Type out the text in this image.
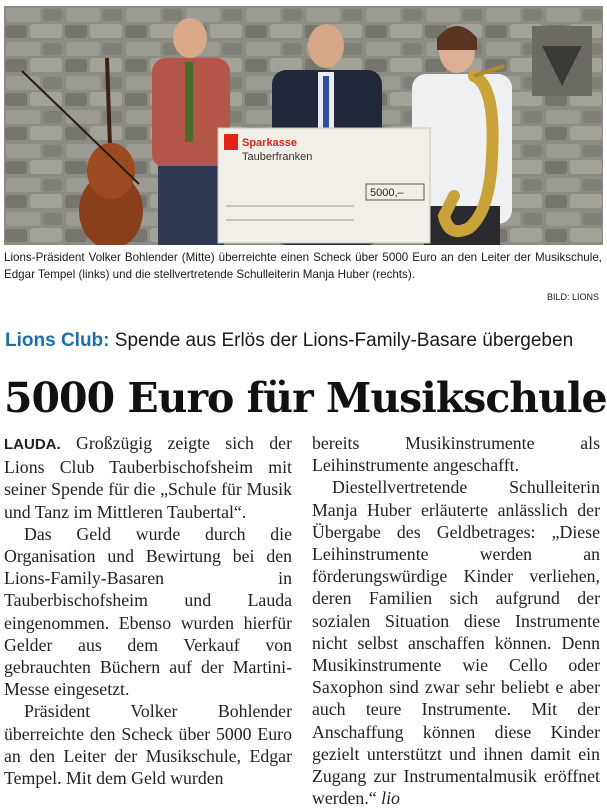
Sparkasse
Tauberfranken
5000,–

Lions-Präsident Volker Bohlender (Mitte) überreichte einen Scheck über 5000 Euro an den Leiter der Musikschule, Edgar Tempel (links) und die stellvertretende Schulleiterin Manja Huber (rechts).

BILD: LIONS
Lions Club: Spende aus Erlös der Lions-Family-Basare übergeben
5000 Euro für Musikschule

LAUDA. Großzügig zeigte sich der Lions Club Tauberbischofsheim mit seiner Spende für die „Schule für Musik und Tanz im Mittleren Taubertal“.

Das Geld wurde durch die Organisation und Bewirtung bei den Lions-Family-Basaren in Tauberbischofsheim und Lauda eingenommen. Ebenso wurden hierfür Gelder aus dem Verkauf von gebrauchten Büchern auf der Martini-Messe eingesetzt.

Präsident Volker Bohlender überreichte den Scheck über 5000 Euro an den Leiter der Musikschule, Edgar Tempel. Mit dem Geld wurden

bereits Musikinstrumente als Leihinstrumente angeschafft.

Diestellvertretende Schulleiterin Manja Huber erläuterte anlässlich der Übergabe des Geldbetrages: „Diese Leihinstrumente werden an förderungswürdige Kinder verliehen, deren Familien sich aufgrund der sozialen Situation diese Instrumente nicht selbst anschaffen können. Denn Musikinstrumente wie Cello oder Saxophon sind zwar sehr beliebt e aber auch teure Instrumente. Mit der Anschaffung können diese Kinder gezielt unterstützt und ihnen damit ein Zugang zur Instrumentalmusik eröffnet werden.“ lio
